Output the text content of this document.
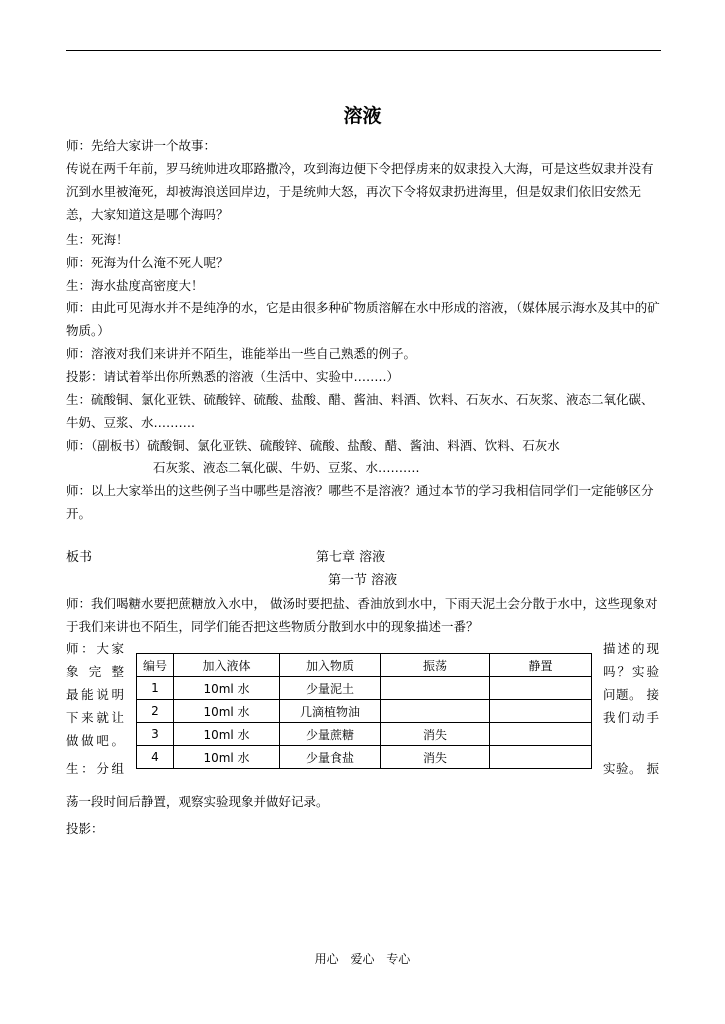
溶液
师：先给大家讲一个故事：
传说在两千年前，罗马统帅进攻耶路撒冷，攻到海边便下令把俘虏来的奴隶投入大海，可是这些奴隶并没有沉到水里被淹死，却被海浪送回岸边，于是统帅大怒，再次下令将奴隶扔进海里，但是奴隶们依旧安然无恙，大家知道这是哪个海吗？
生：死海！
师：死海为什么淹不死人呢？
生：海水盐度高密度大！
师：由此可见海水并不是纯净的水，它是由很多种矿物质溶解在水中形成的溶液，（媒体展示海水及其中的矿物质。）
师：溶液对我们来讲并不陌生，谁能举出一些自己熟悉的例子。
投影：请试着举出你所熟悉的溶液（生活中、实验中……..）
生：硫酸铜、氯化亚铁、硫酸锌、硫酸、盐酸、醋、酱油、料酒、饮料、石灰水、石灰浆、液态二氧化碳、牛奶、豆浆、水……….
师：（副板书）硫酸铜、氯化亚铁、硫酸锌、硫酸、盐酸、醋、酱油、料酒、饮料、石灰水
石灰浆、液态二氧化碳、牛奶、豆浆、水……….
师：以上大家举出的这些例子当中哪些是溶液？哪些不是溶液？通过本节的学习我相信同学们一定能够区分开。
板书	第七章 溶液
第一节 溶液
师：我们喝糖水要把蔗糖放入水中， 做汤时要把盐、香油放到水中，下雨天泥土会分散于水中，这些现象对于我们来讲也不陌生，同学们能否把这些物质分散到水中的现象描述一番？
师：大家
象 完 整
最能说明
下来就让
做做吧。
生：分组
描述的现
吗？实验
问题。 接
我们动手
实验。 振
编号	加入液体	加入物质	振荡	静置
1	10ml 水	少量泥土		
2	10ml 水	几滴植物油		
3	10ml 水	少量蔗糖	消失	
4	10ml 水	少量食盐	消失	
荡一段时间后静置，观察实验现象并做好记录。
投影：
用心 爱心 专心
